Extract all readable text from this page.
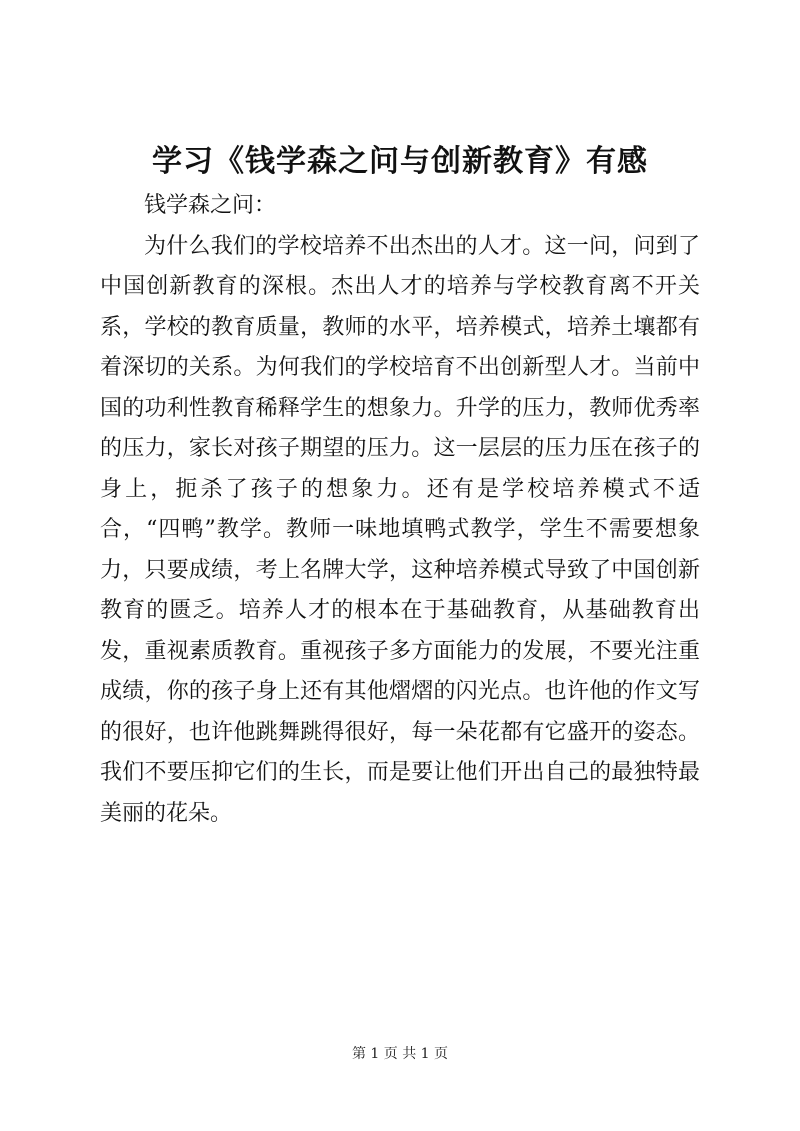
学习《钱学森之问与创新教育》有感

钱学森之问：

为什么我们的学校培养不出杰出的人才。这一问，问到了中国创新教育的深根。杰出人才的培养与学校教育离不开关系，学校的教育质量，教师的水平，培养模式，培养土壤都有着深切的关系。为何我们的学校培育不出创新型人才。当前中国的功利性教育稀释学生的想象力。升学的压力，教师优秀率的压力，家长对孩子期望的压力。这一层层的压力压在孩子的身上，扼杀了孩子的想象力。还有是学校培养模式不适合，“四鸭”教学。教师一味地填鸭式教学，学生不需要想象力，只要成绩，考上名牌大学，这种培养模式导致了中国创新教育的匮乏。培养人才的根本在于基础教育，从基础教育出发，重视素质教育。重视孩子多方面能力的发展，不要光注重成绩，你的孩子身上还有其他熠熠的闪光点。也许他的作文写的很好，也许他跳舞跳得很好，每一朵花都有它盛开的姿态。我们不要压抑它们的生长，而是要让他们开出自己的最独特最美丽的花朵。

第 1 页 共 1 页
